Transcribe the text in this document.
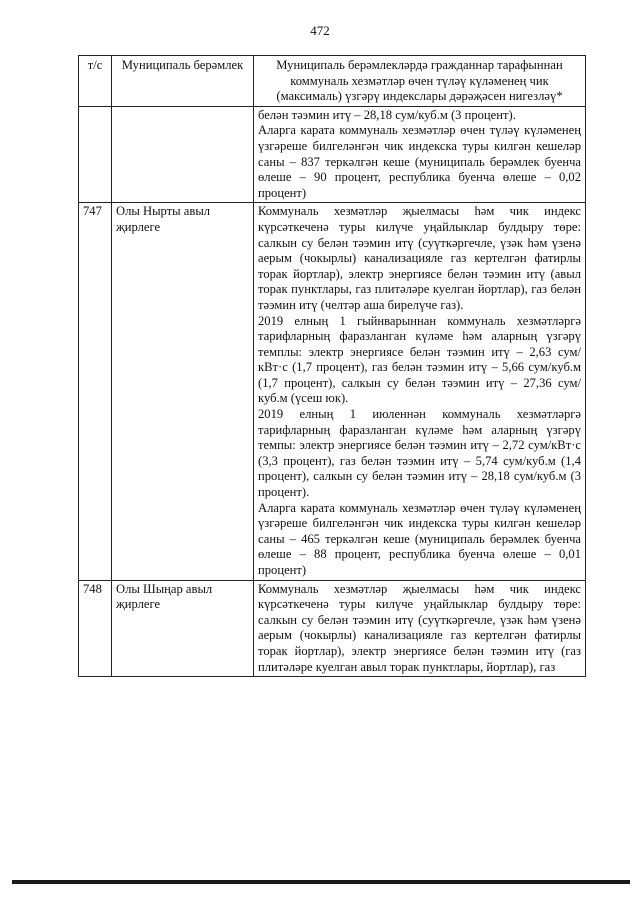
472
т/с	Муниципаль берәмлек	Муниципаль берәмлекләрдә гражданнар тарафыннан коммуналь хезмәтләр өчен түләү күләменең чик (максималь) үзгәрү индекслары дәрәҗәсен нигезләү*

		белән тәэмин итү – 28,18 сум/куб.м (3 процент).

Аларга карата коммуналь хезмәтләр өчен түләү күләменең үзгәреше билгеләнгән чик индекска туры килгән кешеләр саны – 837 теркәлгән кеше (муниципаль берәмлек буенча өлеше – 90 процент, республика буенча өлеше – 0,02 процент)

747	Олы Нырты авыл җирлеге	Коммуналь хезмәтләр җыелмасы һәм чик индекс күрсәткеченә туры килүче уңайлыклар булдыру төре: салкын су белән тәэмин итү (суүткәргечле, үзәк һәм үзенә аерым (чокырлы) канализацияле газ кертелгән фатирлы торак йортлар), электр энергиясе белән тәэмин итү (авыл торак пунктлары, газ плитәләре куелган йортлар), газ белән тәэмин итү (челтәр аша бирелүче газ).

2019 елның 1 гыйнварыннан коммуналь хезмәтләргә тарифларның фаразланган күләме һәм аларның үзгәрү темплы: электр энергиясе белән тәэмин итү – 2,63 сум/кВт·с (1,7 процент), газ белән тәэмин итү – 5,66 сум/куб.м (1,7 процент), салкын су белән тәэмин итү – 27,36 сум/куб.м (үсеш юк).

2019 елның 1 июленнән коммуналь хезмәтләргә тарифларның фаразланган күләме һәм аларның үзгәрү темпы: электр энергиясе белән тәэмин итү – 2,72 сум/кВт·с (3,3 процент), газ белән тәэмин итү – 5,74 сум/куб.м (1,4 процент), салкын су белән тәэмин итү – 28,18 сум/куб.м (3 процент).

Аларга карата коммуналь хезмәтләр өчен түләү күләменең үзгәреше билгеләнгән чик индекска туры килгән кешеләр саны – 465 теркәлгән кеше (муниципаль берәмлек буенча өлеше – 88 процент, республика буенча өлеше – 0,01 процент)

748	Олы Шыңар авыл җирлеге	Коммуналь хезмәтләр җыелмасы һәм чик индекс күрсәткеченә туры килүче уңайлыклар булдыру төре: салкын су белән тәэмин итү (суүткәргечле, үзәк һәм үзенә аерым (чокырлы) канализацияле газ кертелгән фатирлы торак йортлар), электр энергиясе белән тәэмин итү (газ плитәләре куелган авыл торак пунктлары, йортлар), газ
